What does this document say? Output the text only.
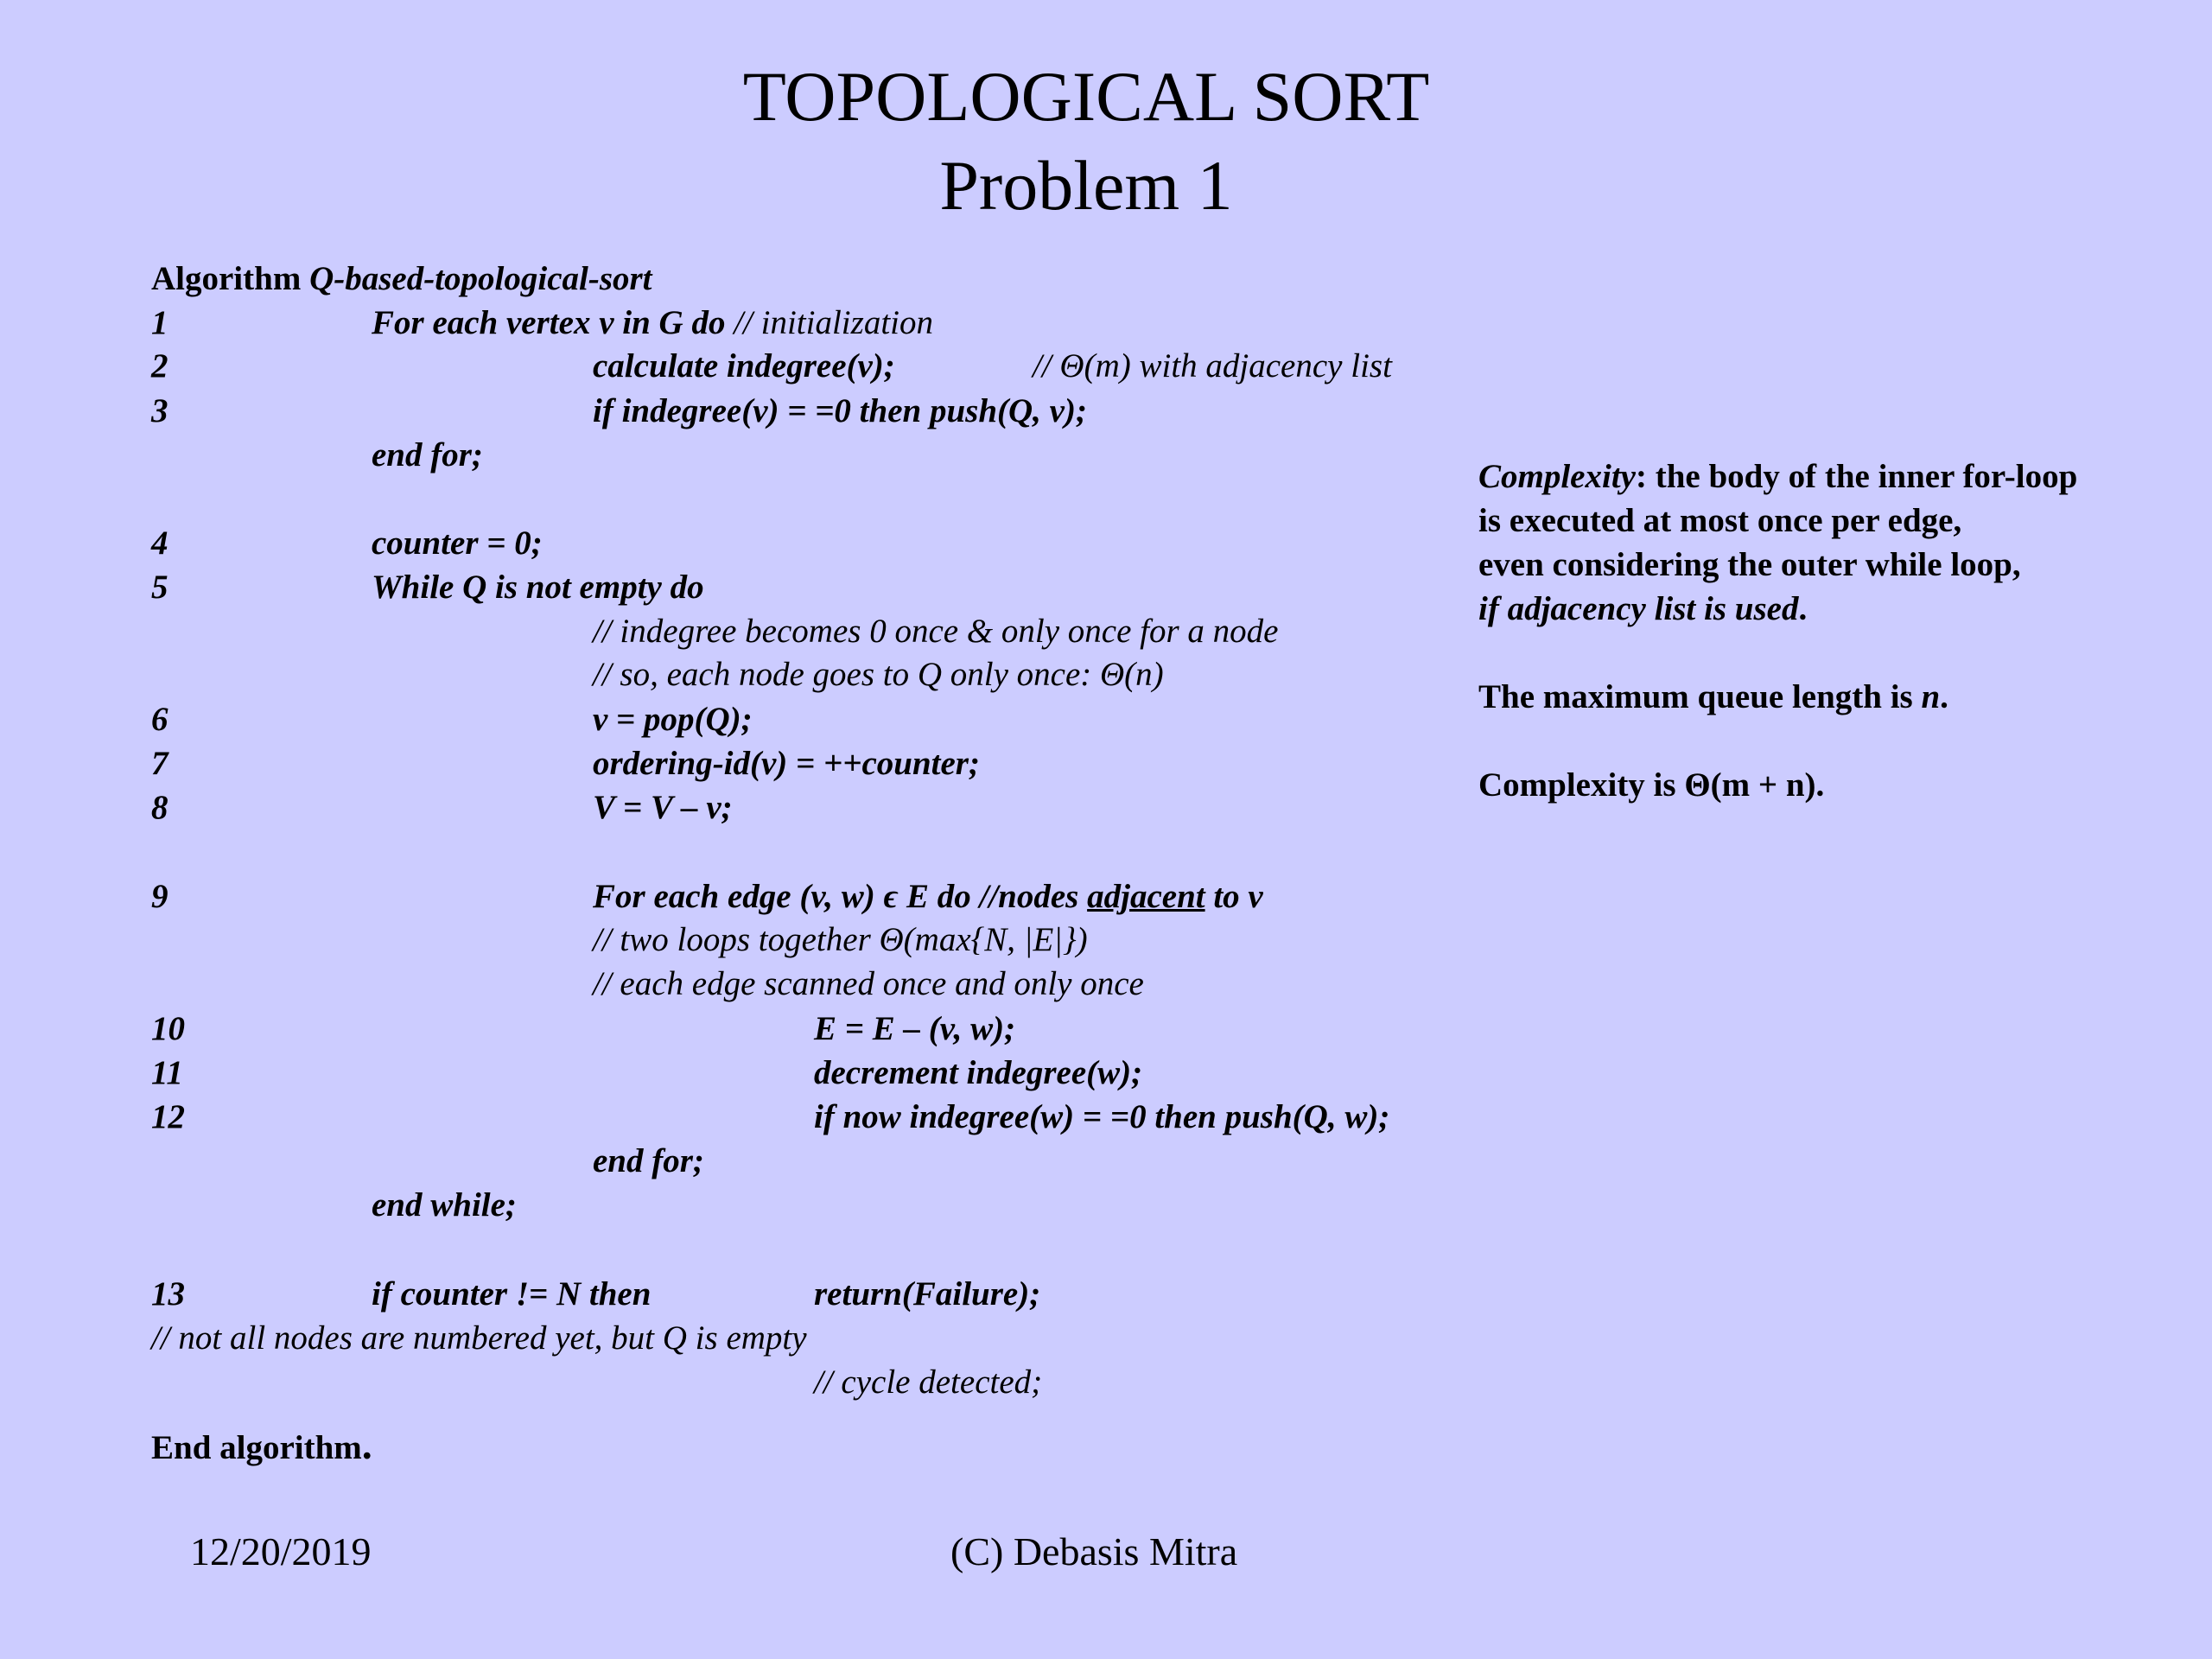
TOPOLOGICAL SORT
Problem 1
Algorithm Q-based-topological-sort
1	For each vertex v in G do // initialization
2	calculate indegree(v);	// Θ(m) with adjacency list
3	if indegree(v) = =0 then push(Q, v);
end for;
4	counter = 0;
5	While Q is not empty do
// indegree becomes 0 once & only once for a node
// so, each node goes to Q only once: Θ(n)
6	v = pop(Q);
7	ordering-id(v) = ++counter;
8	V = V – v;
9	For each edge (v, w) ϵ E do //nodes adjacent to v
// two loops together Θ(max{N, |E|})
// each edge scanned once and only once
10	E = E – (v, w);
11	decrement indegree(w);
12	if now indegree(w) = =0 then push(Q, w);
end for;
end while;
13	if counter != N then	return(Failure);
// not all nodes are numbered yet, but Q is empty
// cycle detected;
End algorithm.

Complexity: the body of the inner for-loop

is executed at most once per edge,

even considering the outer while loop,

if adjacency list is used.

The maximum queue length is n.

Complexity is Θ(m + n).

12/20/2019	(C) Debasis Mitra
